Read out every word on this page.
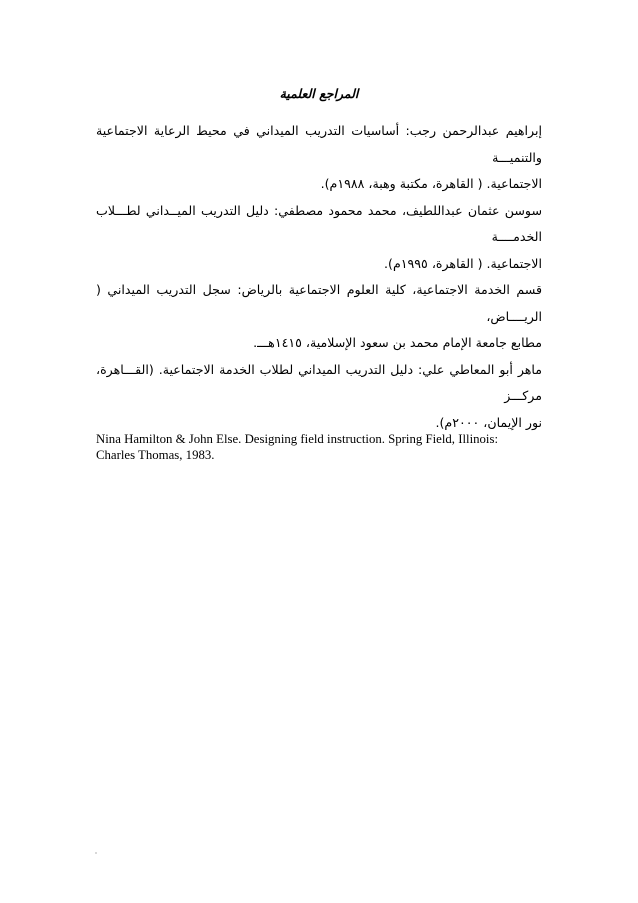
المراجع العلمية

إبراهيم عبدالرحمن رجب: أساسيات التدريب الميداني في محيط الرعاية الاجتماعية والتنميـــة
الاجتماعية. ( القاهرة، مكتبة وهبة، ١٩٨٨م).

سوسن عثمان عبداللطيف، محمد محمود مصطفي: دليل التدريب الميــداني لطـــلاب الخدمــــة
الاجتماعية. ( القاهرة، ١٩٩٥م).

قسم الخدمة الاجتماعية، كلية العلوم الاجتماعية بالرياض: سجل التدريب الميداني ( الريــــاض،
مطابع جامعة الإمام محمد بن سعود الإسلامية، ١٤١٥هـــ.

ماهر أبو المعاطي علي: دليل التدريب الميداني لطلاب الخدمة الاجتماعية. (القـــاهرة، مركـــز
نور الإيمان، ٢٠٠٠م).

Nina Hamilton & John Else. Designing field instruction. Spring Field, Illinois:
Charles Thomas, 1983.
